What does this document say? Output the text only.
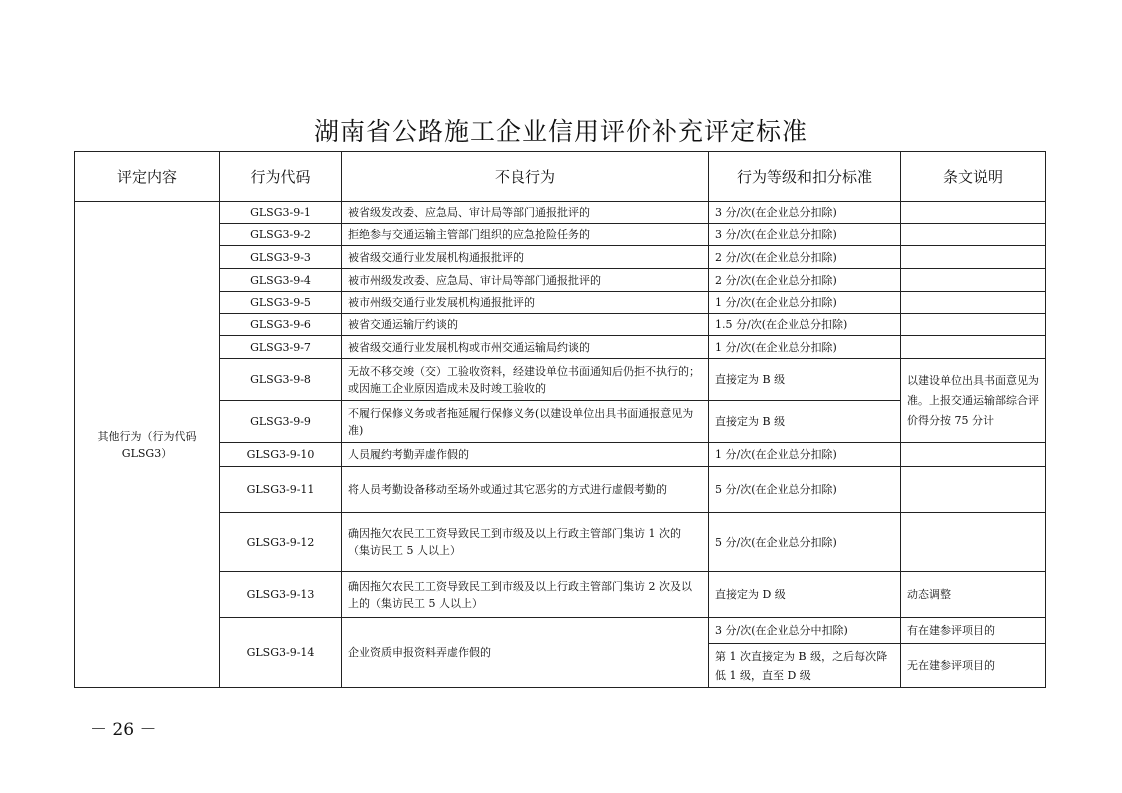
湖南省公路施工企业信用评价补充评定标准
评定内容	行为代码	不良行为	行为等级和扣分标准	条文说明
其他行为（行为代码 GLSG3）	GLSG3-9-1	被省级发改委、应急局、审计局等部门通报批评的	3 分/次(在企业总分扣除)	
	GLSG3-9-2	拒绝参与交通运输主管部门组织的应急抢险任务的	3 分/次(在企业总分扣除)	
	GLSG3-9-3	被省级交通行业发展机构通报批评的	2 分/次(在企业总分扣除)	
	GLSG3-9-4	被市州级发改委、应急局、审计局等部门通报批评的	2 分/次(在企业总分扣除)	
	GLSG3-9-5	被市州级交通行业发展机构通报批评的	1 分/次(在企业总分扣除)	
	GLSG3-9-6	被省交通运输厅约谈的	1.5 分/次(在企业总分扣除)	
	GLSG3-9-7	被省级交通行业发展机构或市州交通运输局约谈的	1 分/次(在企业总分扣除)	
	GLSG3-9-8	无故不移交竣（交）工验收资料，经建设单位书面通知后仍拒不执行的；或因施工企业原因造成未及时竣工验收的	直接定为 B 级	以建设单位出具书面意见为准。上报交通运输部综合评价得分按 75 分计
	GLSG3-9-9	不履行保修义务或者拖延履行保修义务(以建设单位出具书面通报意见为准)	直接定为 B 级	
	GLSG3-9-10	人员履约考勤弄虚作假的	1 分/次(在企业总分扣除)	
	GLSG3-9-11	将人员考勤设备移动至场外或通过其它恶劣的方式进行虚假考勤的	5 分/次(在企业总分扣除)	
	GLSG3-9-12	确因拖欠农民工工资导致民工到市级及以上行政主管部门集访 1 次的（集访民工 5 人以上）	5 分/次(在企业总分扣除)	
	GLSG3-9-13	确因拖欠农民工工资导致民工到市级及以上行政主管部门集访 2 次及以上的（集访民工 5 人以上）	直接定为 D 级	动态调整
	GLSG3-9-14	企业资质申报资料弄虚作假的	3 分/次(在企业总分中扣除)	有在建参评项目的
			第 1 次直接定为 B 级，之后每次降低 1 级，直至 D 级	无在建参评项目的
－ 26 －
